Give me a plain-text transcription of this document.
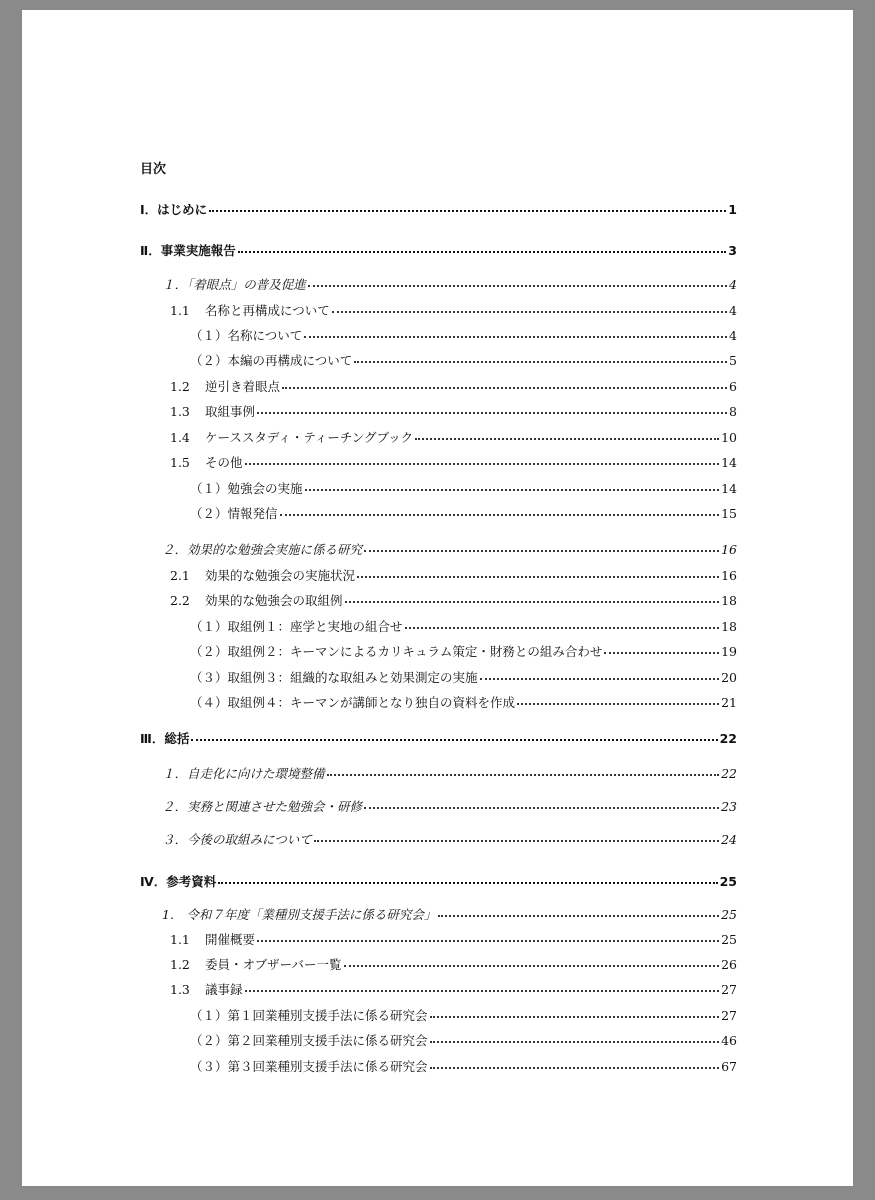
目次
Ⅰ．はじめに	1
Ⅱ．事業実施報告	3
１．「着眼点」の普及促進	4
1.1 名称と再構成について	4
（１）名称について	4
（２）本編の再構成について	5
1.2 逆引き着眼点	6
1.3 取組事例	8
1.4 ケーススタディ・ティーチングブック	10
1.5 その他	14
（１）勉強会の実施	14
（２）情報発信	15
２．効果的な勉強会実施に係る研究	16
2.1 効果的な勉強会の実施状況	16
2.2 効果的な勉強会の取組例	18
（１）取組例１：座学と実地の組合せ	18
（２）取組例２：キーマンによるカリキュラム策定・財務との組み合わせ	19
（３）取組例３：組織的な取組みと効果測定の実施	20
（４）取組例４：キーマンが講師となり独自の資料を作成	21
Ⅲ．総括	22
１．自走化に向けた環境整備	22
２．実務と関連させた勉強会・研修	23
３．今後の取組みについて	24
Ⅳ．参考資料	25
1.　令和７年度「業種別支援手法に係る研究会」	25
1.1 開催概要	25
1.2 委員・オブザーバー一覧	26
1.3 議事録	27
（１）第１回業種別支援手法に係る研究会	27
（２）第２回業種別支援手法に係る研究会	46
（３）第３回業種別支援手法に係る研究会	67
